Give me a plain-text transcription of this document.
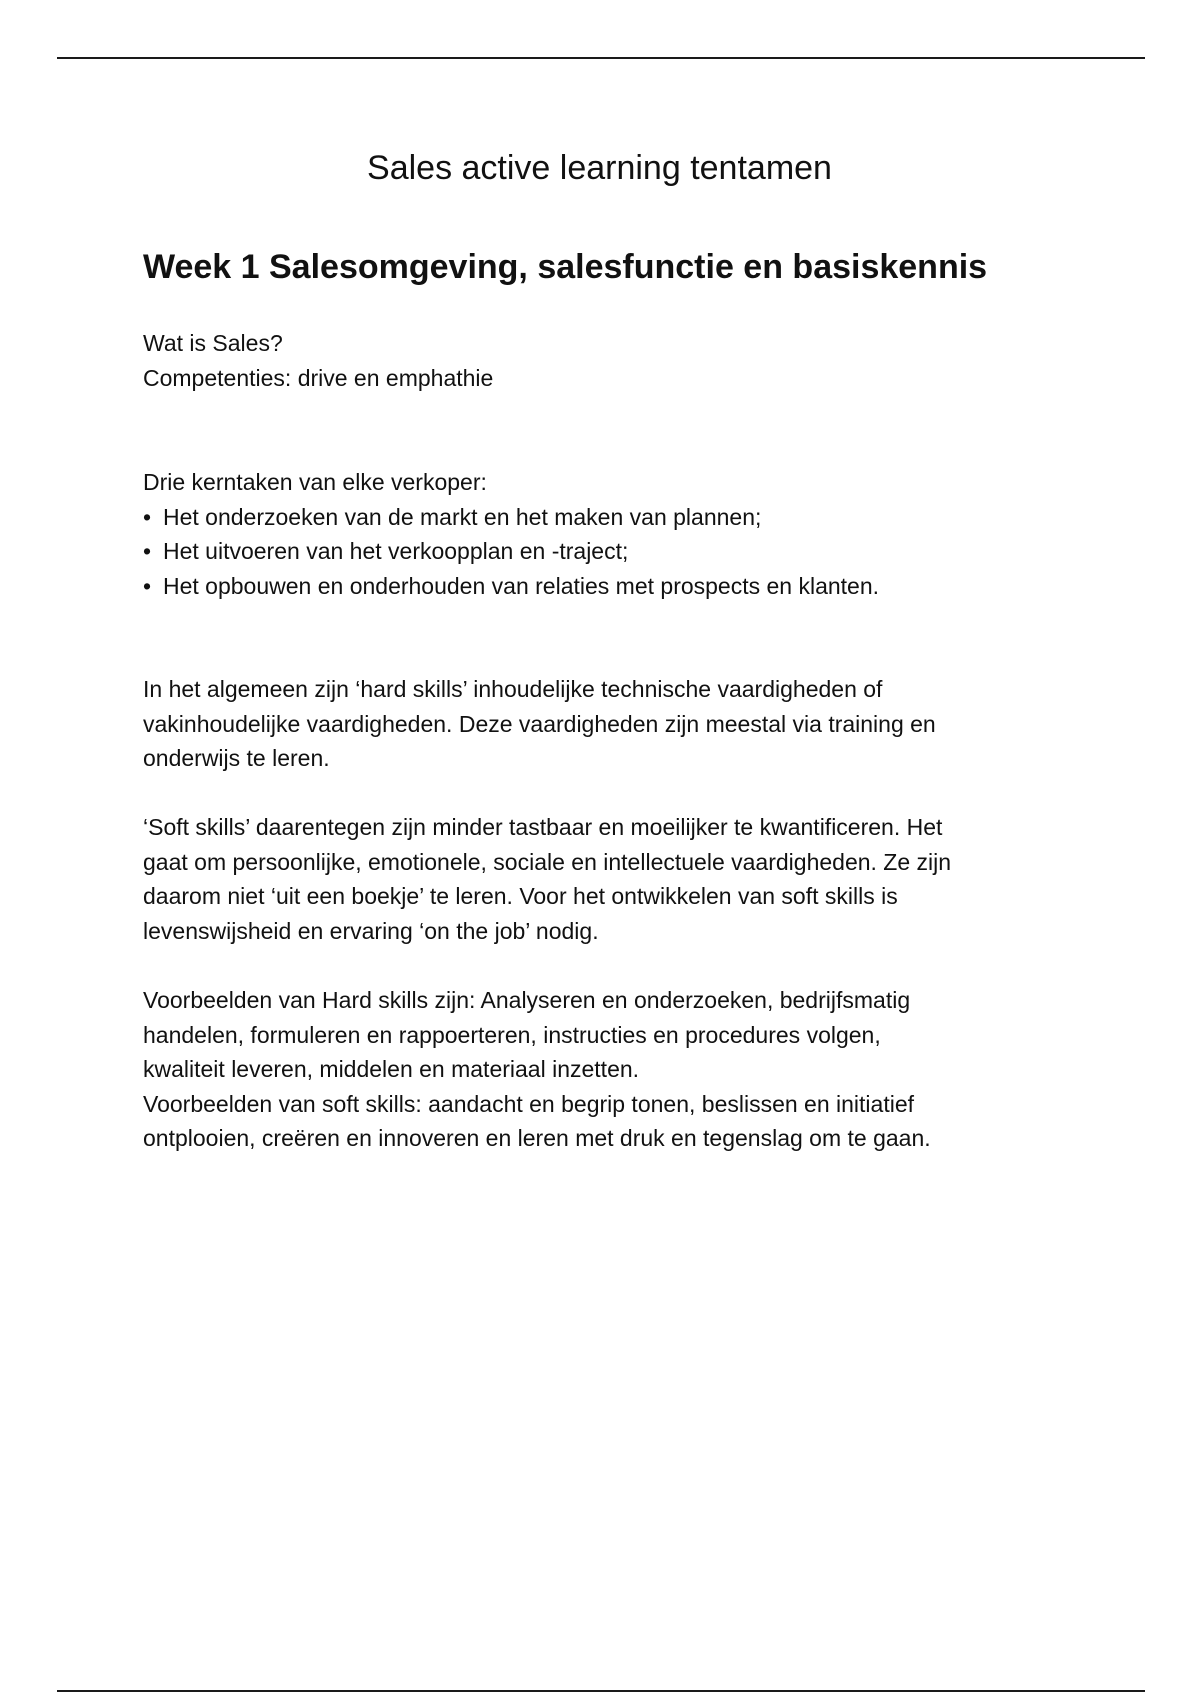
Sales active learning tentamen
Week 1 Salesomgeving, salesfunctie en basiskennis

Wat is Sales?
Competenties: drive en emphathie

Drie kerntaken van elke verkoper:
• Het onderzoeken van de markt en het maken van plannen;
• Het uitvoeren van het verkoopplan en -traject;
• Het opbouwen en onderhouden van relaties met prospects en klanten.

In het algemeen zijn ‘hard skills’ inhoudelijke technische vaardigheden of
vakinhoudelijke vaardigheden. Deze vaardigheden zijn meestal via training en
onderwijs te leren.

‘Soft skills’ daarentegen zijn minder tastbaar en moeilijker te kwantificeren. Het
gaat om persoonlijke, emotionele, sociale en intellectuele vaardigheden. Ze zijn
daarom niet ‘uit een boekje’ te leren. Voor het ontwikkelen van soft skills is
levenswijsheid en ervaring ‘on the job’ nodig.

Voorbeelden van Hard skills zijn: Analyseren en onderzoeken, bedrijfsmatig
handelen, formuleren en rappoerteren, instructies en procedures volgen,
kwaliteit leveren, middelen en materiaal inzetten.
Voorbeelden van soft skills: aandacht en begrip tonen, beslissen en initiatief
ontplooien, creëren en innoveren en leren met druk en tegenslag om te gaan.
